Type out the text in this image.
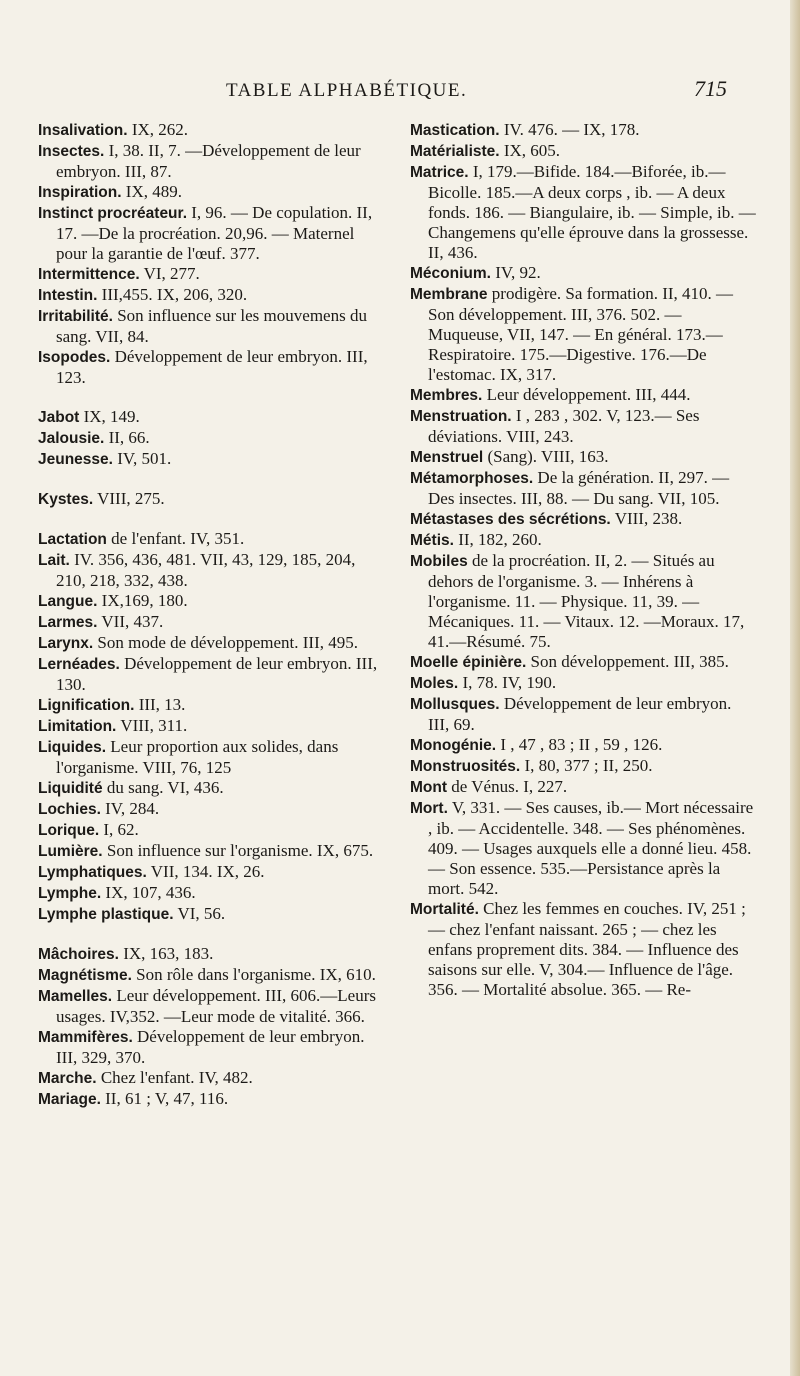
TABLE ALPHABÉTIQUE.	715

Insalivation. IX, 262.

Insectes. I, 38. II, 7. —Développement de leur embryon. III, 87.

Inspiration. IX, 489.

Instinct procréateur. I, 96. — De copulation. II, 17. —De la procréation. 20,96. — Maternel pour la garantie de l'œuf. 377.

Intermittence. VI, 277.

Intestin. III,455. IX, 206, 320.

Irritabilité. Son influence sur les mouvemens du sang. VII, 84.

Isopodes. Développement de leur embryon. III, 123.

Jabot IX, 149.

Jalousie. II, 66.

Jeunesse. IV, 501.

Kystes. VIII, 275.

Lactation de l'enfant. IV, 351.

Lait. IV. 356, 436, 481. VII, 43, 129, 185, 204, 210, 218, 332, 438.

Langue. IX,169, 180.

Larmes. VII, 437.

Larynx. Son mode de développement. III, 495.

Lernéades. Développement de leur embryon. III, 130.

Lignification. III, 13.

Limitation. VIII, 311.

Liquides. Leur proportion aux solides, dans l'organisme. VIII, 76, 125

Liquidité du sang. VI, 436.

Lochies. IV, 284.

Lorique. I, 62.

Lumière. Son influence sur l'organisme. IX, 675.

Lymphatiques. VII, 134. IX, 26.

Lymphe. IX, 107, 436.

Lymphe plastique. VI, 56.

Mâchoires. IX, 163, 183.

Magnétisme. Son rôle dans l'organisme. IX, 610.

Mamelles. Leur développement. III, 606.—Leurs usages. IV,352. —Leur mode de vitalité. 366.

Mammifères. Développement de leur embryon. III, 329, 370.

Marche. Chez l'enfant. IV, 482.

Mariage. II, 61 ; V, 47, 116.

Mastication. IV. 476. — IX, 178.

Matérialiste. IX, 605.

Matrice. I, 179.—Bifide. 184.—Biforée, ib.—Bicolle. 185.—A deux corps , ib. — A deux fonds. 186. — Biangulaire, ib. — Simple, ib. — Changemens qu'elle éprouve dans la grossesse. II, 436.

Méconium. IV, 92.

Membrane prodigère. Sa formation. II, 410. — Son développement. III, 376. 502. — Muqueuse, VII, 147. — En général. 173.—Respiratoire. 175.—Digestive. 176.—De l'estomac. IX, 317.

Membres. Leur développement. III, 444.

Menstruation. I , 283 , 302. V, 123.— Ses déviations. VIII, 243.

Menstruel (Sang). VIII, 163.

Métamorphoses. De la génération. II, 297. — Des insectes. III, 88. — Du sang. VII, 105.

Métastases des sécrétions. VIII, 238.

Métis. II, 182, 260.

Mobiles de la procréation. II, 2. — Situés au dehors de l'organisme. 3. — Inhérens à l'organisme. 11. — Physique. 11, 39. — Mécaniques. 11. — Vitaux. 12. —Moraux. 17, 41.—Résumé. 75.

Moelle épinière. Son développement. III, 385.

Moles. I, 78. IV, 190.

Mollusques. Développement de leur embryon. III, 69.

Monogénie. I , 47 , 83 ; II , 59 , 126.

Monstruosités. I, 80, 377 ; II, 250.

Mont de Vénus. I, 227.

Mort. V, 331. — Ses causes, ib.— Mort nécessaire , ib. — Accidentelle. 348. — Ses phénomènes. 409. — Usages auxquels elle a donné lieu. 458. — Son essence. 535.—Persistance après la mort. 542.

Mortalité. Chez les femmes en couches. IV, 251 ; — chez l'enfant naissant. 265 ; — chez les enfans proprement dits. 384. — Influence des saisons sur elle. V, 304.— Influence de l'âge. 356. — Mortalité absolue. 365. — Re-
